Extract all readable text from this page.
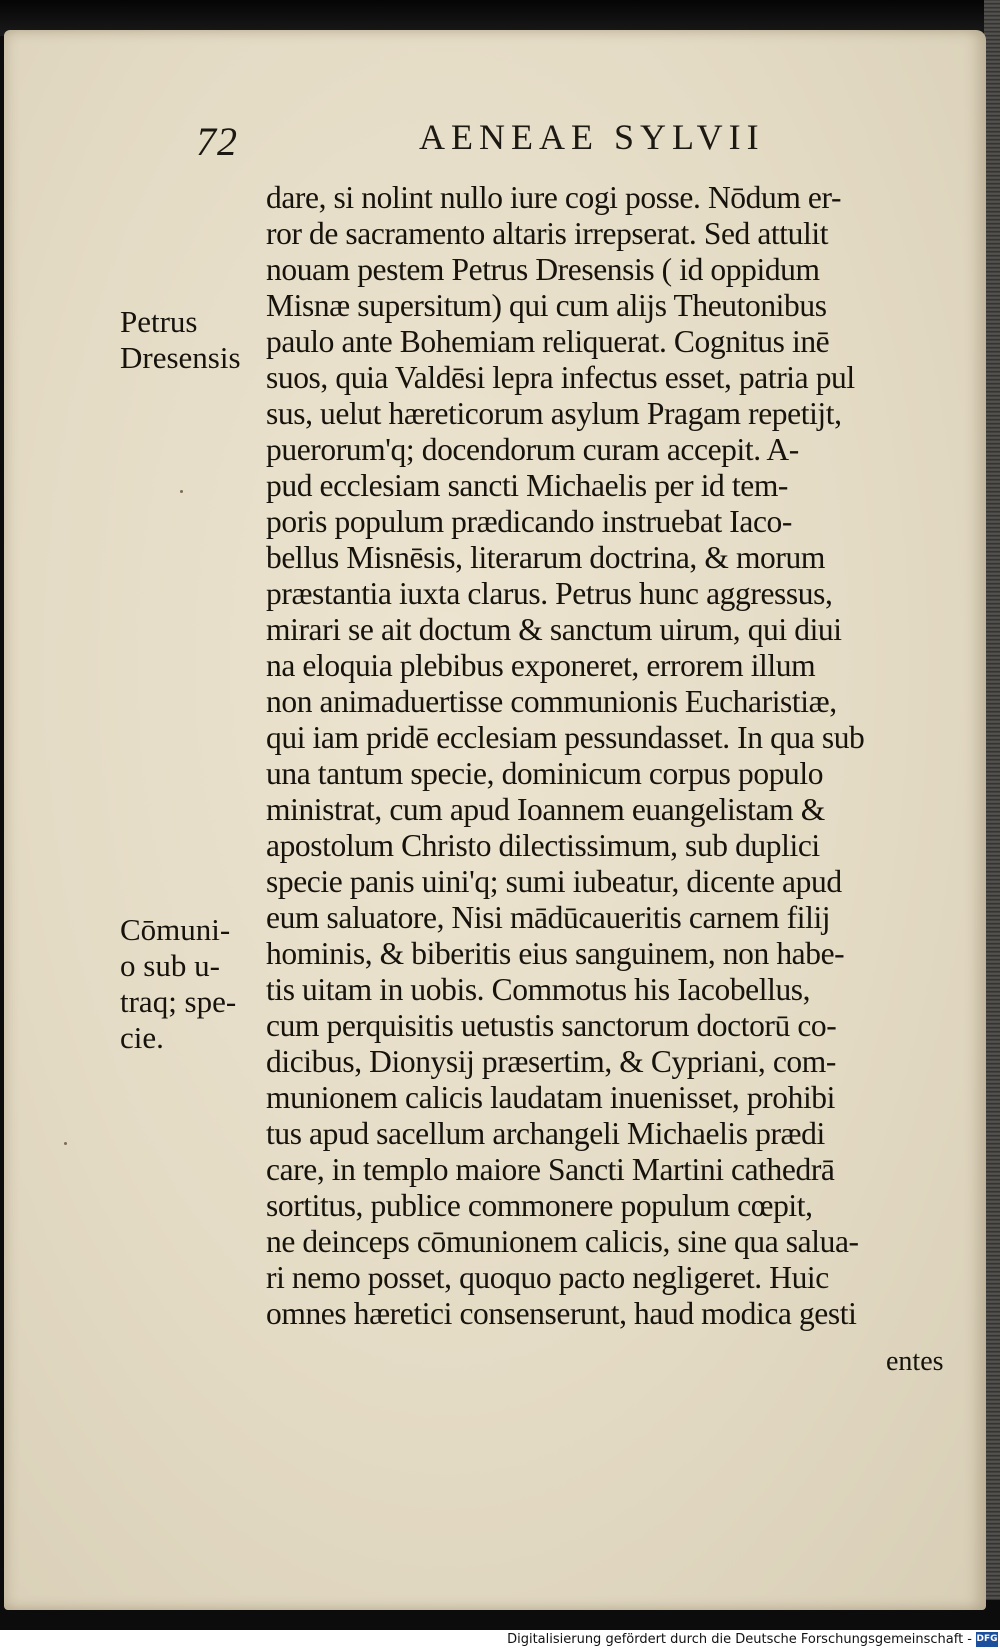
72	AENEAE SYLVII
Petrus
Dresensis
Cōmuni-
o sub u-
traq; spe-
cie.
dare, si nolint nullo iure cogi posse. Nōdum er-
ror de sacramento altaris irrepserat. Sed attulit
nouam pestem Petrus Dresensis ( id oppidum
Misnæ supersitum) qui cum alijs Theutonibus
paulo ante Bohemiam reliquerat. Cognitus inē
suos, quia Valdēsi lepra infectus esset, patria pul
sus, uelut hæreticorum asylum Pragam repetijt,
puerorum'q; docendorum curam accepit. A-
pud ecclesiam sancti Michaelis per id tem-
poris populum prædicando instruebat Iaco-
bellus Misnēsis, literarum doctrina, & morum
præstantia iuxta clarus. Petrus hunc aggressus,
mirari se ait doctum & sanctum uirum, qui diui
na eloquia plebibus exponeret, errorem illum
non animaduertisse communionis Eucharistiæ,
qui iam pridē ecclesiam pessundasset. In qua sub
una tantum specie, dominicum corpus populo
ministrat, cum apud Ioannem euangelistam &
apostolum Christo dilectissimum, sub duplici
specie panis uini'q; sumi iubeatur, dicente apud
eum saluatore, Nisi mādūcaueritis carnem filij
hominis, & biberitis eius sanguinem, non habe-
tis uitam in uobis. Commotus his Iacobellus,
cum perquisitis uetustis sanctorum doctorū co-
dicibus, Dionysij præsertim, & Cypriani, com-
munionem calicis laudatam inuenisset, prohibi
tus apud sacellum archangeli Michaelis prædi
care, in templo maiore Sancti Martini cathedrā
sortitus, publice commonere populum cœpit,
ne deinceps cōmunionem calicis, sine qua salua-
ri nemo posset, quoquo pacto negligeret. Huic
omnes hæretici consenserunt, haud modica gesti
entes
Digitalisierung gefördert durch die Deutsche Forschungsgemeinschaft - DFG
